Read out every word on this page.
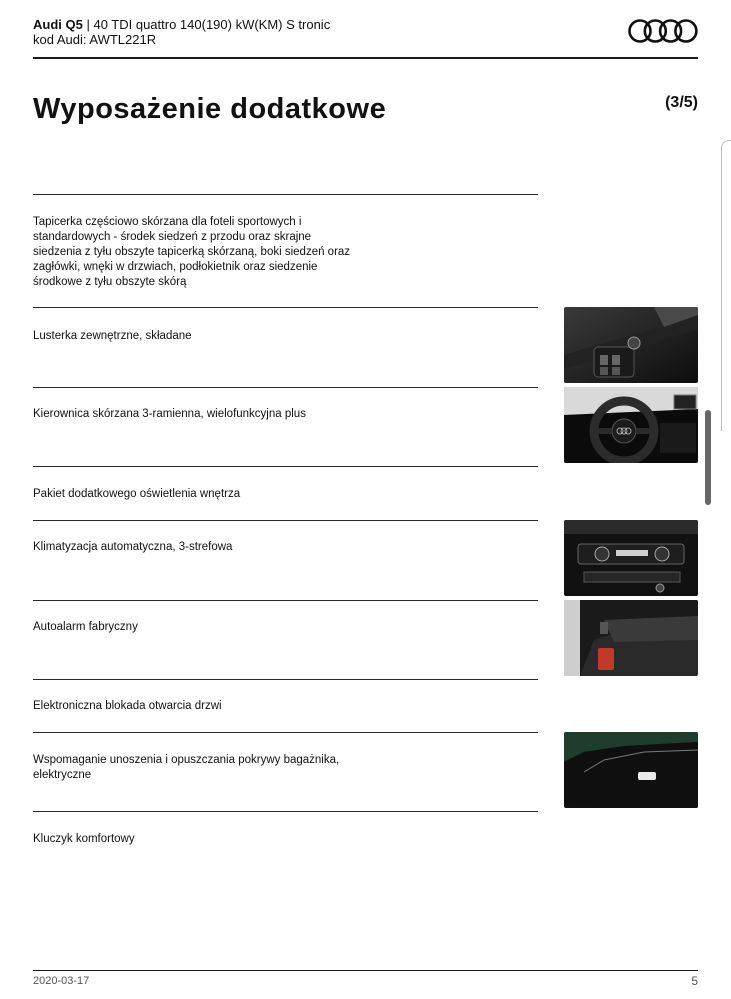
Audi Q5 | 40 TDI quattro 140(190) kW(KM) S tronic
kod Audi: AWTL221R
Wyposażenie dodatkowe	(3/5)
Tapicerka częściowo skórzana dla foteli sportowych i standardowych - środek siedzeń z przodu oraz skrajne siedzenia z tyłu obszyte tapicerką skórzaną, boki siedzeń oraz zagłówki, wnęki w drzwiach, podłokietnik oraz siedzenie środkowe z tyłu obszyte skórą
Lusterka zewnętrzne, składane
Kierownica skórzana 3-ramienna, wielofunkcyjna plus
Pakiet dodatkowego oświetlenia wnętrza
Klimatyzacja automatyczna, 3-strefowa
Autoalarm fabryczny
Elektroniczna blokada otwarcia drzwi
Wspomaganie unoszenia i opuszczania pokrywy bagażnika, elektryczne
Kluczyk komfortowy
2020-03-17	5
